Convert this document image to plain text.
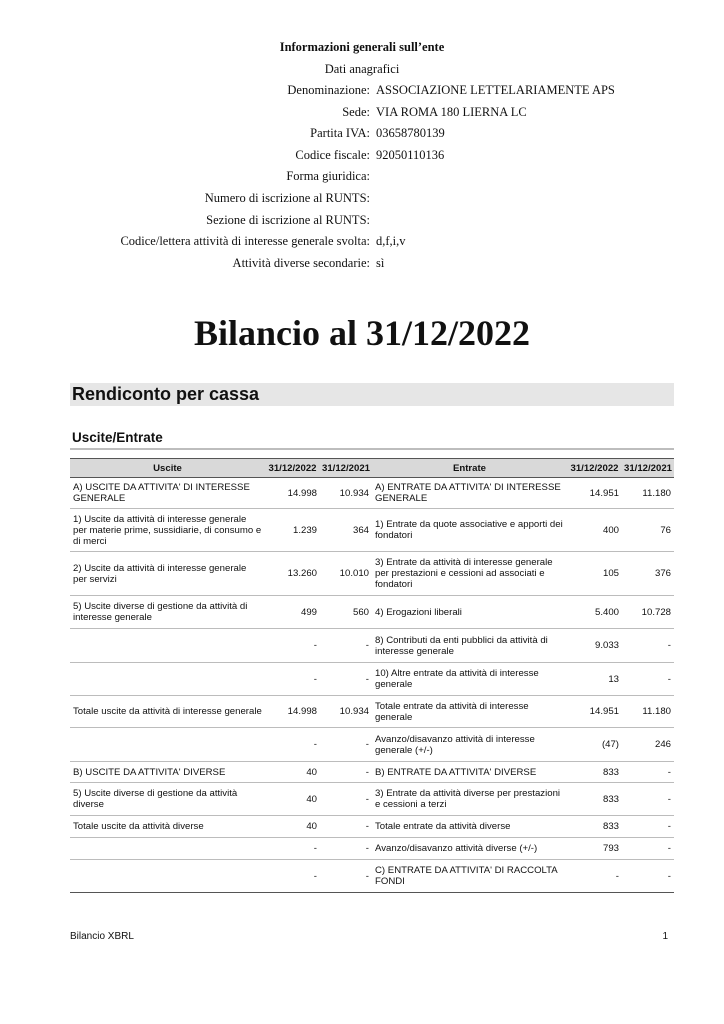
Informazioni generali sull’ente
Dati anagrafici
Denominazione: ASSOCIAZIONE LETTELARIAMENTE APS
Sede: VIA ROMA 180 LIERNA LC
Partita IVA: 03658780139
Codice fiscale: 92050110136
Forma giuridica:
Numero di iscrizione al RUNTS:
Sezione di iscrizione al RUNTS:
Codice/lettera attività di interesse generale svolta: d,f,i,v
Attività diverse secondarie: sì
Bilancio al 31/12/2022
Rendiconto per cassa
Uscite/Entrate
Uscite	31/12/2022	31/12/2021	Entrate	31/12/2022	31/12/2021
A) USCITE DA ATTIVITA' DI INTERESSE GENERALE	14.998	10.934	A) ENTRATE DA ATTIVITA' DI INTERESSE GENERALE	14.951	11.180
1) Uscite da attività di interesse generale per materie prime, sussidiarie, di consumo e di merci	1.239	364	1) Entrate da quote associative e apporti dei fondatori	400	76
2) Uscite da attività di interesse generale per servizi	13.260	10.010	3) Entrate da attività di interesse generale per prestazioni e cessioni ad associati e fondatori	105	376
5) Uscite diverse di gestione da attività di interesse generale	499	560	4) Erogazioni liberali	5.400	10.728
	-	-	8) Contributi da enti pubblici da attività di interesse generale	9.033	-
	-	-	10) Altre entrate da attività di interesse generale	13	-
Totale uscite da attività di interesse generale	14.998	10.934	Totale entrate da attività di interesse generale	14.951	11.180
	-	-	Avanzo/disavanzo attività di interesse generale (+/-)	(47)	246
B) USCITE DA ATTIVITA' DIVERSE	40	-	B) ENTRATE DA ATTIVITA' DIVERSE	833	-
5) Uscite diverse di gestione da attività diverse	40	-	3) Entrate da attività diverse per prestazioni e cessioni a terzi	833	-
Totale uscite da attività diverse	40	-	Totale entrate da attività diverse	833	-
	-	-	Avanzo/disavanzo attività diverse (+/-)	793	-
	-	-	C) ENTRATE DA ATTIVITA' DI RACCOLTA FONDI	-	-
Bilancio XBRL	1
